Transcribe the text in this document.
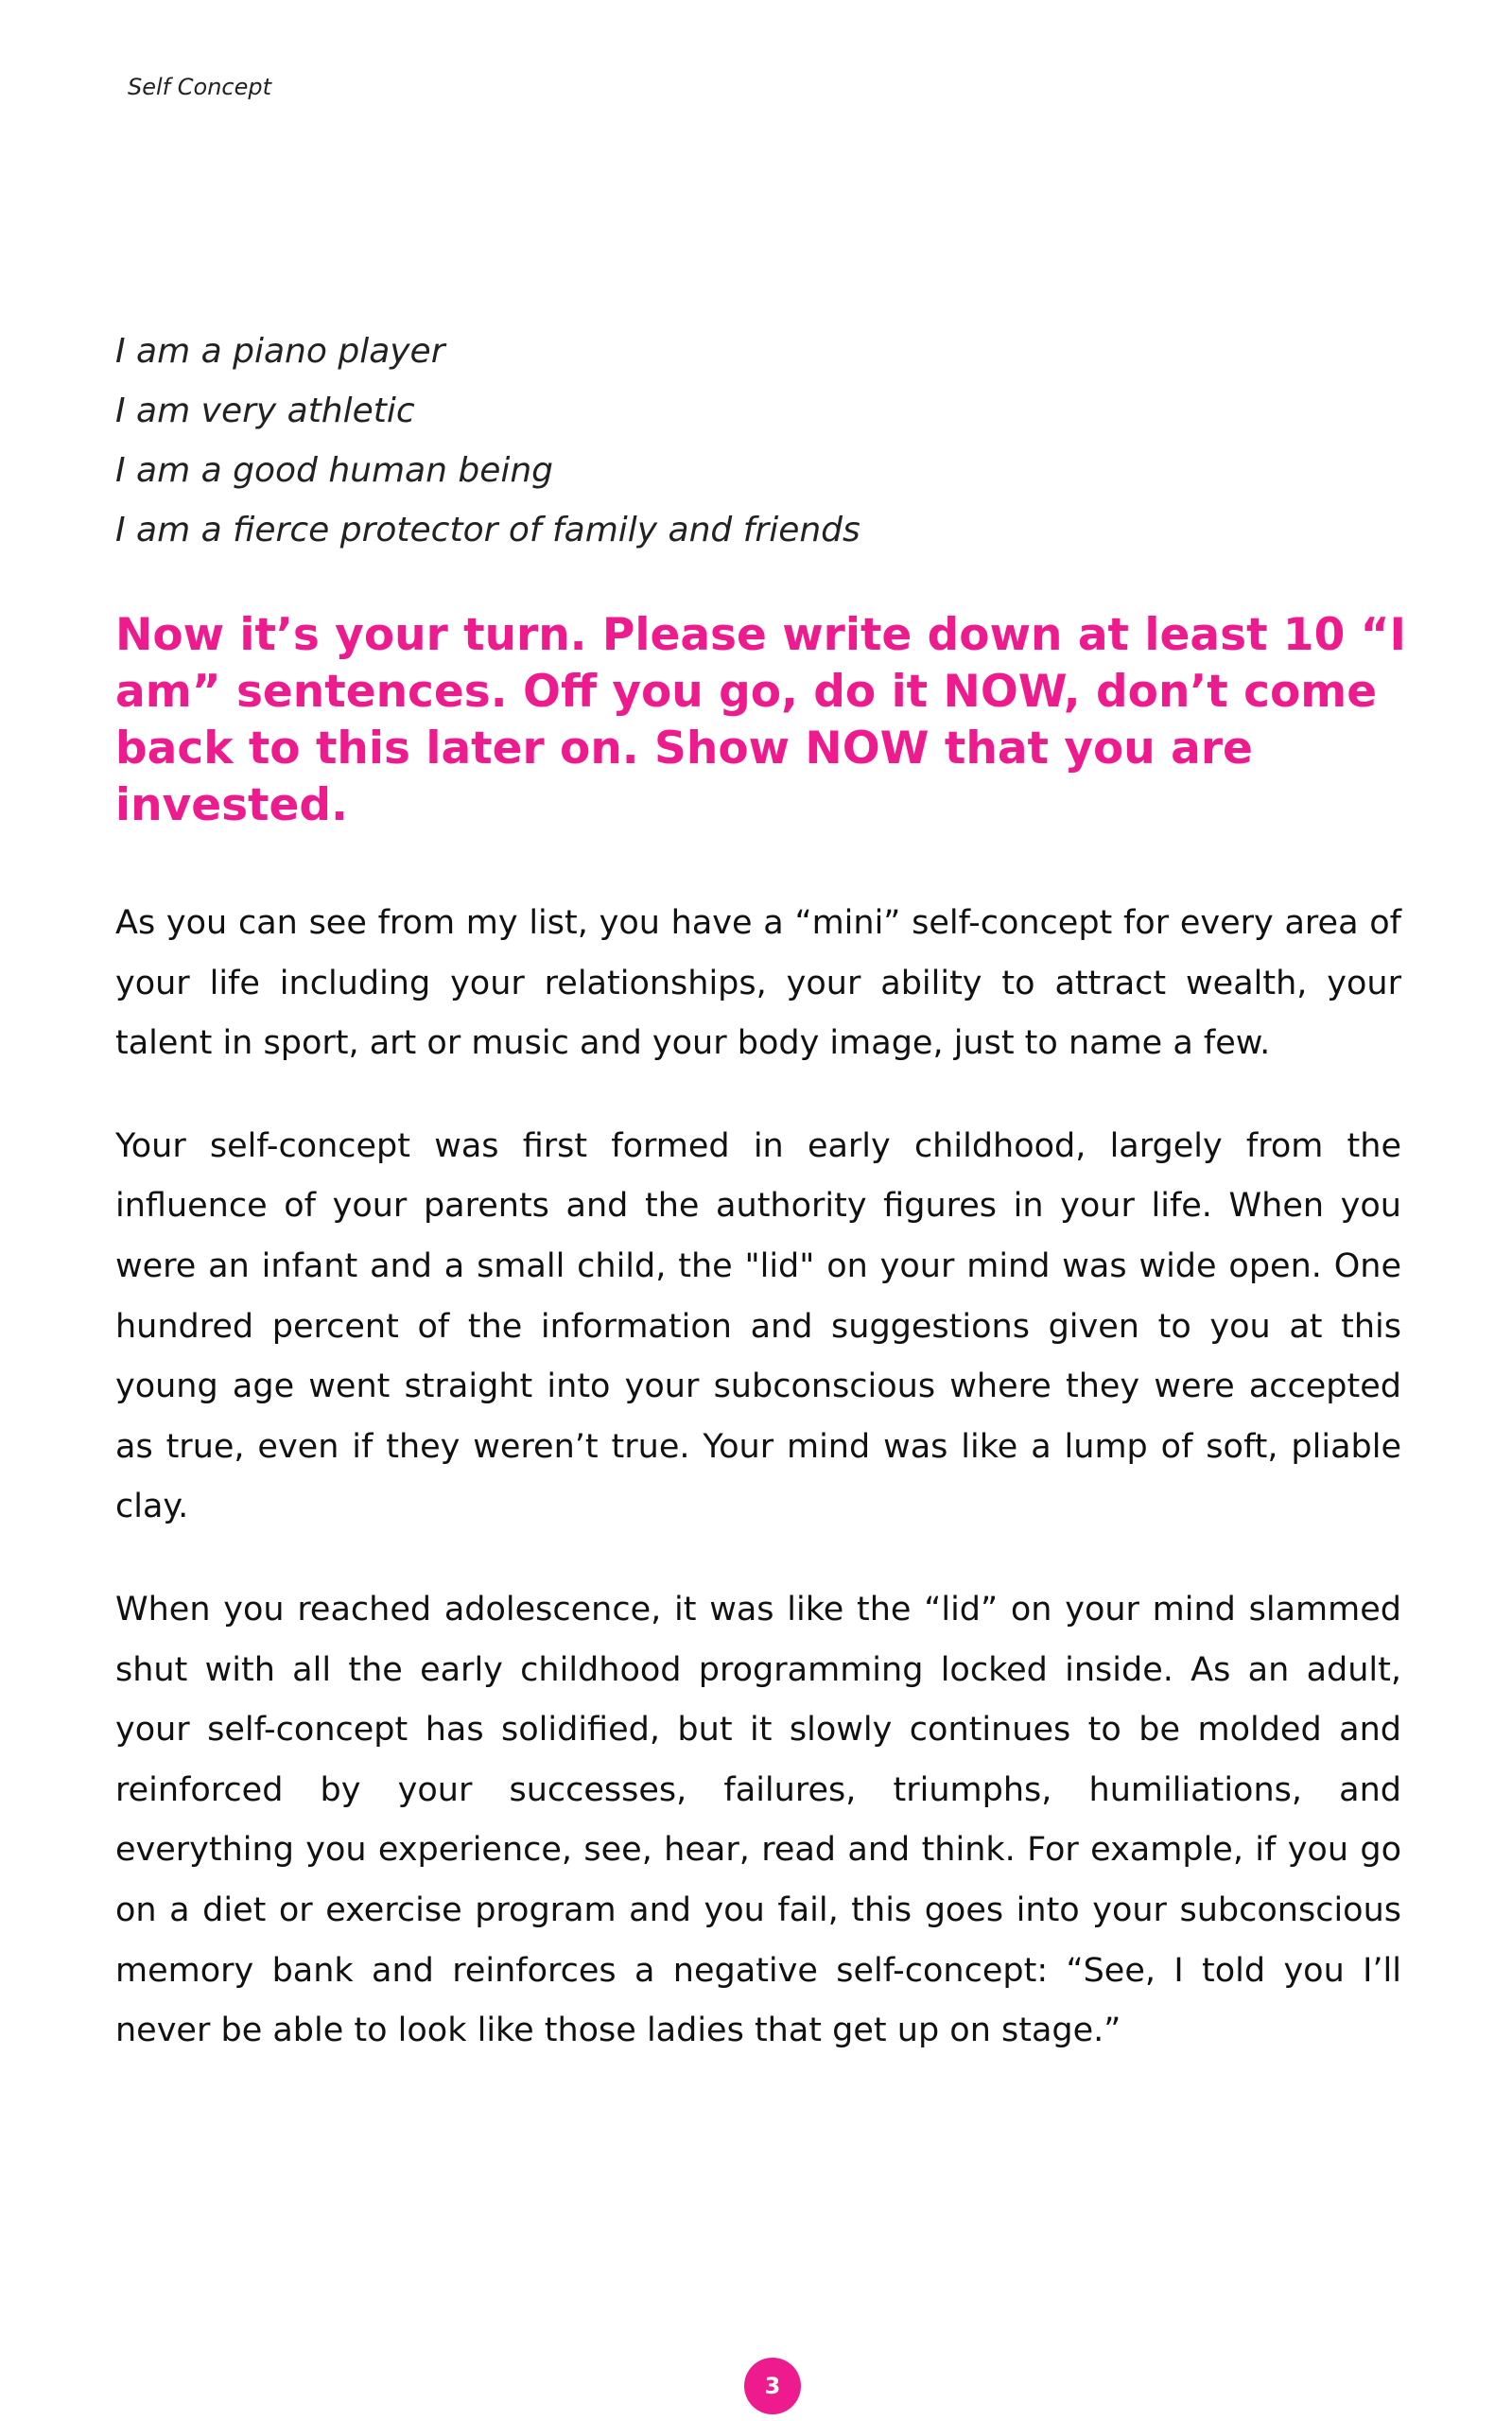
Self Concept
I am a piano player
I am very athletic
I am a good human being
I am a fierce protector of family and friends

Now it’s your turn. Please write down at least 10 “I am” sentences. Off you go, do it NOW, don’t come back to this later on. Show NOW that you are invested.

As you can see from my list, you have a “mini” self-concept for every area of your life including your relationships, your ability to attract wealth, your talent in sport, art or music and your body image, just to name a few.

Your self-concept was first formed in early childhood, largely from the influence of your parents and the authority figures in your life. When you were an infant and a small child, the "lid" on your mind was wide open. One hundred percent of the information and suggestions given to you at this young age went straight into your subconscious where they were accepted as true, even if they weren’t true. Your mind was like a lump of soft, pliable clay.

When you reached adolescence, it was like the “lid” on your mind slammed shut with all the early childhood programming locked inside. As an adult, your self-concept has solidified, but it slowly continues to be molded and reinforced by your successes, failures, triumphs, humiliations, and everything you experience, see, hear, read and think. For example, if you go on a diet or exercise program and you fail, this goes into your subconscious memory bank and reinforces a negative self-concept: “See, I told you I’ll never be able to look like those ladies that get up on stage.”

3
